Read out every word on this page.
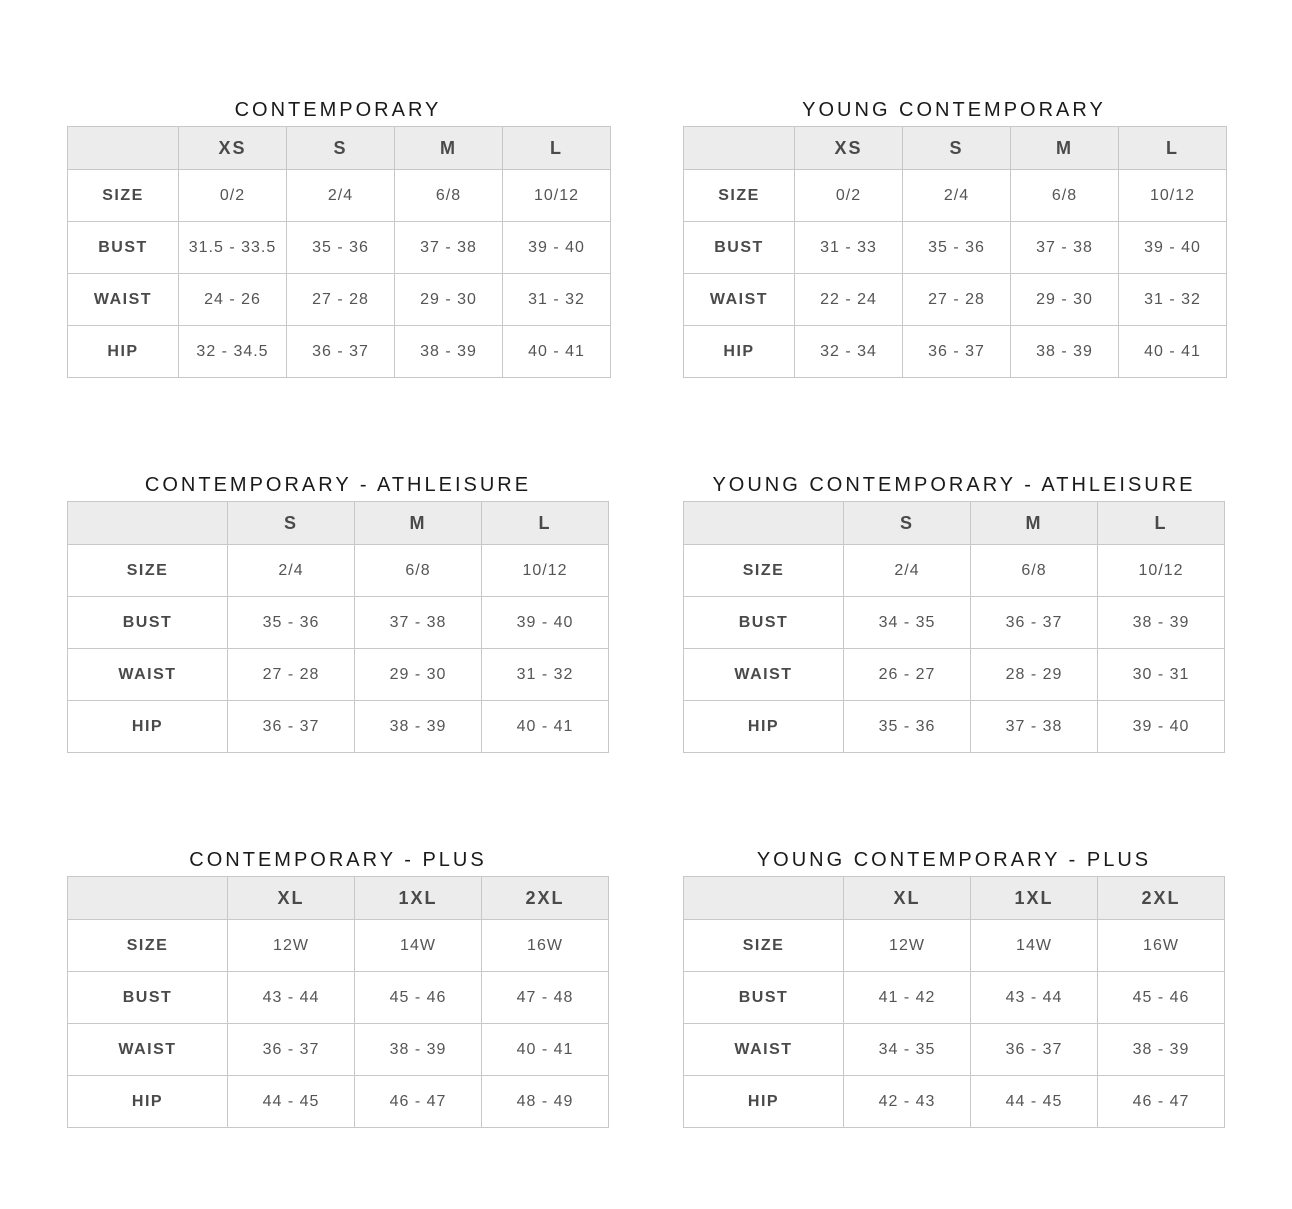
CONTEMPORARY
	XS	S	M	L
SIZE	0/2	2/4	6/8	10/12
BUST	31.5 - 33.5	35 - 36	37 - 38	39 - 40
WAIST	24 - 26	27 - 28	29 - 30	31 - 32
HIP	32 - 34.5	36 - 37	38 - 39	40 - 41
YOUNG CONTEMPORARY
	XS	S	M	L
SIZE	0/2	2/4	6/8	10/12
BUST	31 - 33	35 - 36	37 - 38	39 - 40
WAIST	22 - 24	27 - 28	29 - 30	31 - 32
HIP	32 - 34	36 - 37	38 - 39	40 - 41
CONTEMPORARY - ATHLEISURE
	S	M	L
SIZE	2/4	6/8	10/12
BUST	35 - 36	37 - 38	39 - 40
WAIST	27 - 28	29 - 30	31 - 32
HIP	36 - 37	38 - 39	40 - 41
YOUNG CONTEMPORARY - ATHLEISURE
	S	M	L
SIZE	2/4	6/8	10/12
BUST	34 - 35	36 - 37	38 - 39
WAIST	26 - 27	28 - 29	30 - 31
HIP	35 - 36	37 - 38	39 - 40
CONTEMPORARY - PLUS
	XL	1XL	2XL
SIZE	12W	14W	16W
BUST	43 - 44	45 - 46	47 - 48
WAIST	36 - 37	38 - 39	40 - 41
HIP	44 - 45	46 - 47	48 - 49
YOUNG CONTEMPORARY - PLUS
	XL	1XL	2XL
SIZE	12W	14W	16W
BUST	41 - 42	43 - 44	45 - 46
WAIST	34 - 35	36 - 37	38 - 39
HIP	42 - 43	44 - 45	46 - 47
